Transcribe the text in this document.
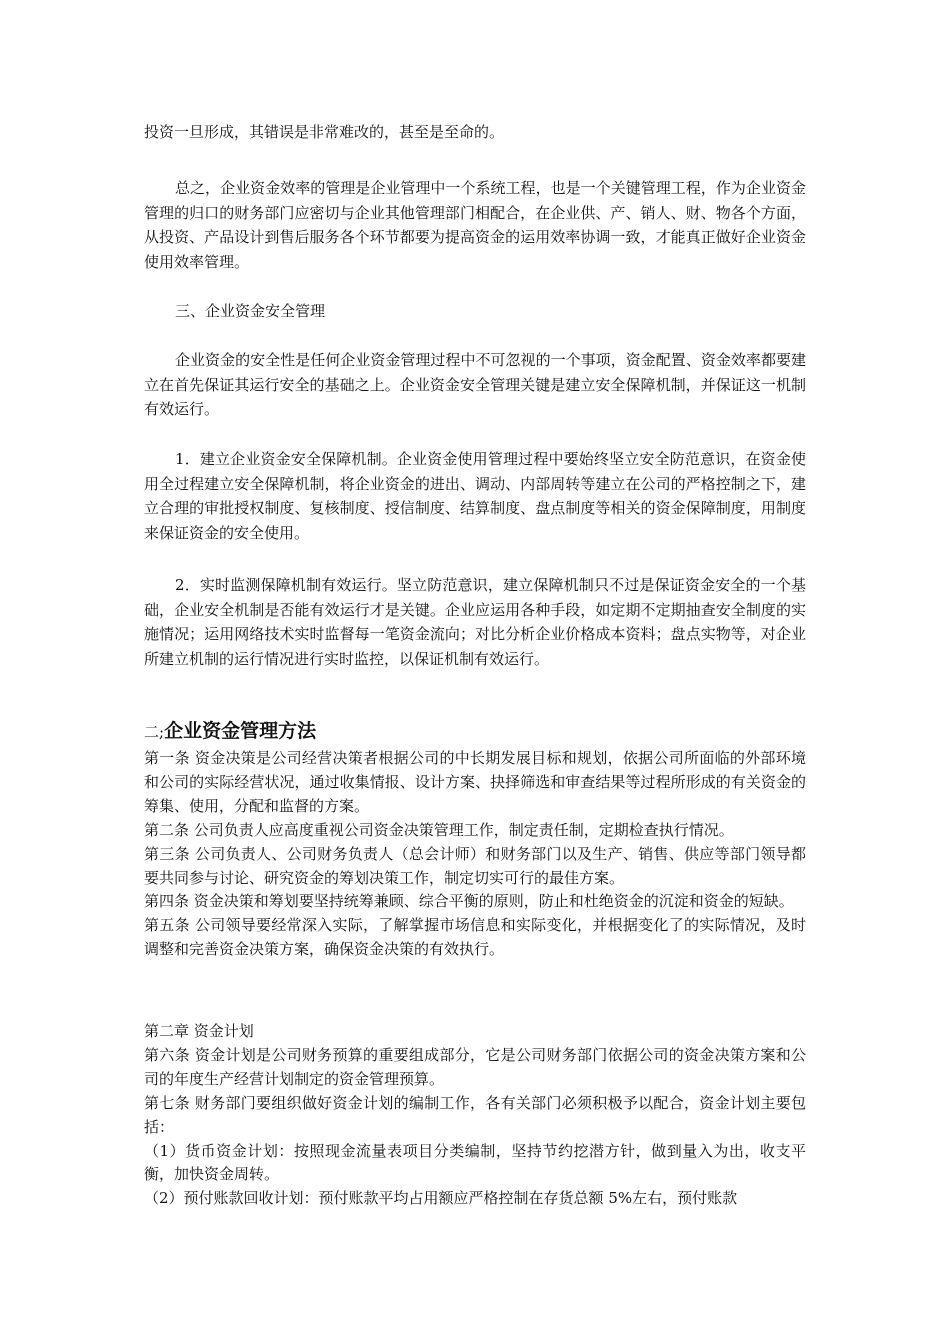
投资一旦形成，其错误是非常难改的，甚至是至命的。

总之，企业资金效率的管理是企业管理中一个系统工程，也是一个关键管理工程，作为企业资金管理的归口的财务部门应密切与企业其他管理部门相配合，在企业供、产、销人、财、物各个方面，从投资、产品设计到售后服务各个环节都要为提高资金的运用效率协调一致，才能真正做好企业资金使用效率管理。

三、企业资金安全管理

企业资金的安全性是任何企业资金管理过程中不可忽视的一个事项，资金配置、资金效率都要建立在首先保证其运行安全的基础之上。企业资金安全管理关键是建立安全保障机制，并保证这一机制有效运行。

1．建立企业资金安全保障机制。企业资金使用管理过程中要始终坚立安全防范意识，在资金使用全过程建立安全保障机制，将企业资金的进出、调动、内部周转等建立在公司的严格控制之下，建立合理的审批授权制度、复核制度、授信制度、结算制度、盘点制度等相关的资金保障制度，用制度来保证资金的安全使用。

2．实时监测保障机制有效运行。坚立防范意识，建立保障机制只不过是保证资金安全的一个基础，企业安全机制是否能有效运行才是关键。企业应运用各种手段，如定期不定期抽查安全制度的实施情况；运用网络技术实时监督每一笔资金流向；对比分析企业价格成本资料；盘点实物等，对企业所建立机制的运行情况进行实时监控，以保证机制有效运行。

二;企业资金管理方法

第一条 资金决策是公司经营决策者根据公司的中长期发展目标和规划，依据公司所面临的外部环境和公司的实际经营状况，通过收集情报、设计方案、抉择筛选和审查结果等过程所形成的有关资金的筹集、使用，分配和监督的方案。

第二条 公司负责人应高度重视公司资金决策管理工作，制定责任制，定期检查执行情况。

第三条 公司负责人、公司财务负责人（总会计师）和财务部门以及生产、销售、供应等部门领导都要共同参与讨论、研究资金的筹划决策工作，制定切实可行的最佳方案。

第四条 资金决策和筹划要坚持统筹兼顾、综合平衡的原则，防止和杜绝资金的沉淀和资金的短缺。

第五条 公司领导要经常深入实际，了解掌握市场信息和实际变化，并根据变化了的实际情况，及时调整和完善资金决策方案，确保资金决策的有效执行。

第二章 资金计划

第六条 资金计划是公司财务预算的重要组成部分，它是公司财务部门依据公司的资金决策方案和公司的年度生产经营计划制定的资金管理预算。

第七条 财务部门要组织做好资金计划的编制工作，各有关部门必须积极予以配合，资金计划主要包括：

（1）货币资金计划：按照现金流量表项目分类编制，坚持节约挖潜方针，做到量入为出，收支平衡，加快资金周转。

（2）预付账款回收计划：预付账款平均占用额应严格控制在存货总额 5%左右，预付账款
